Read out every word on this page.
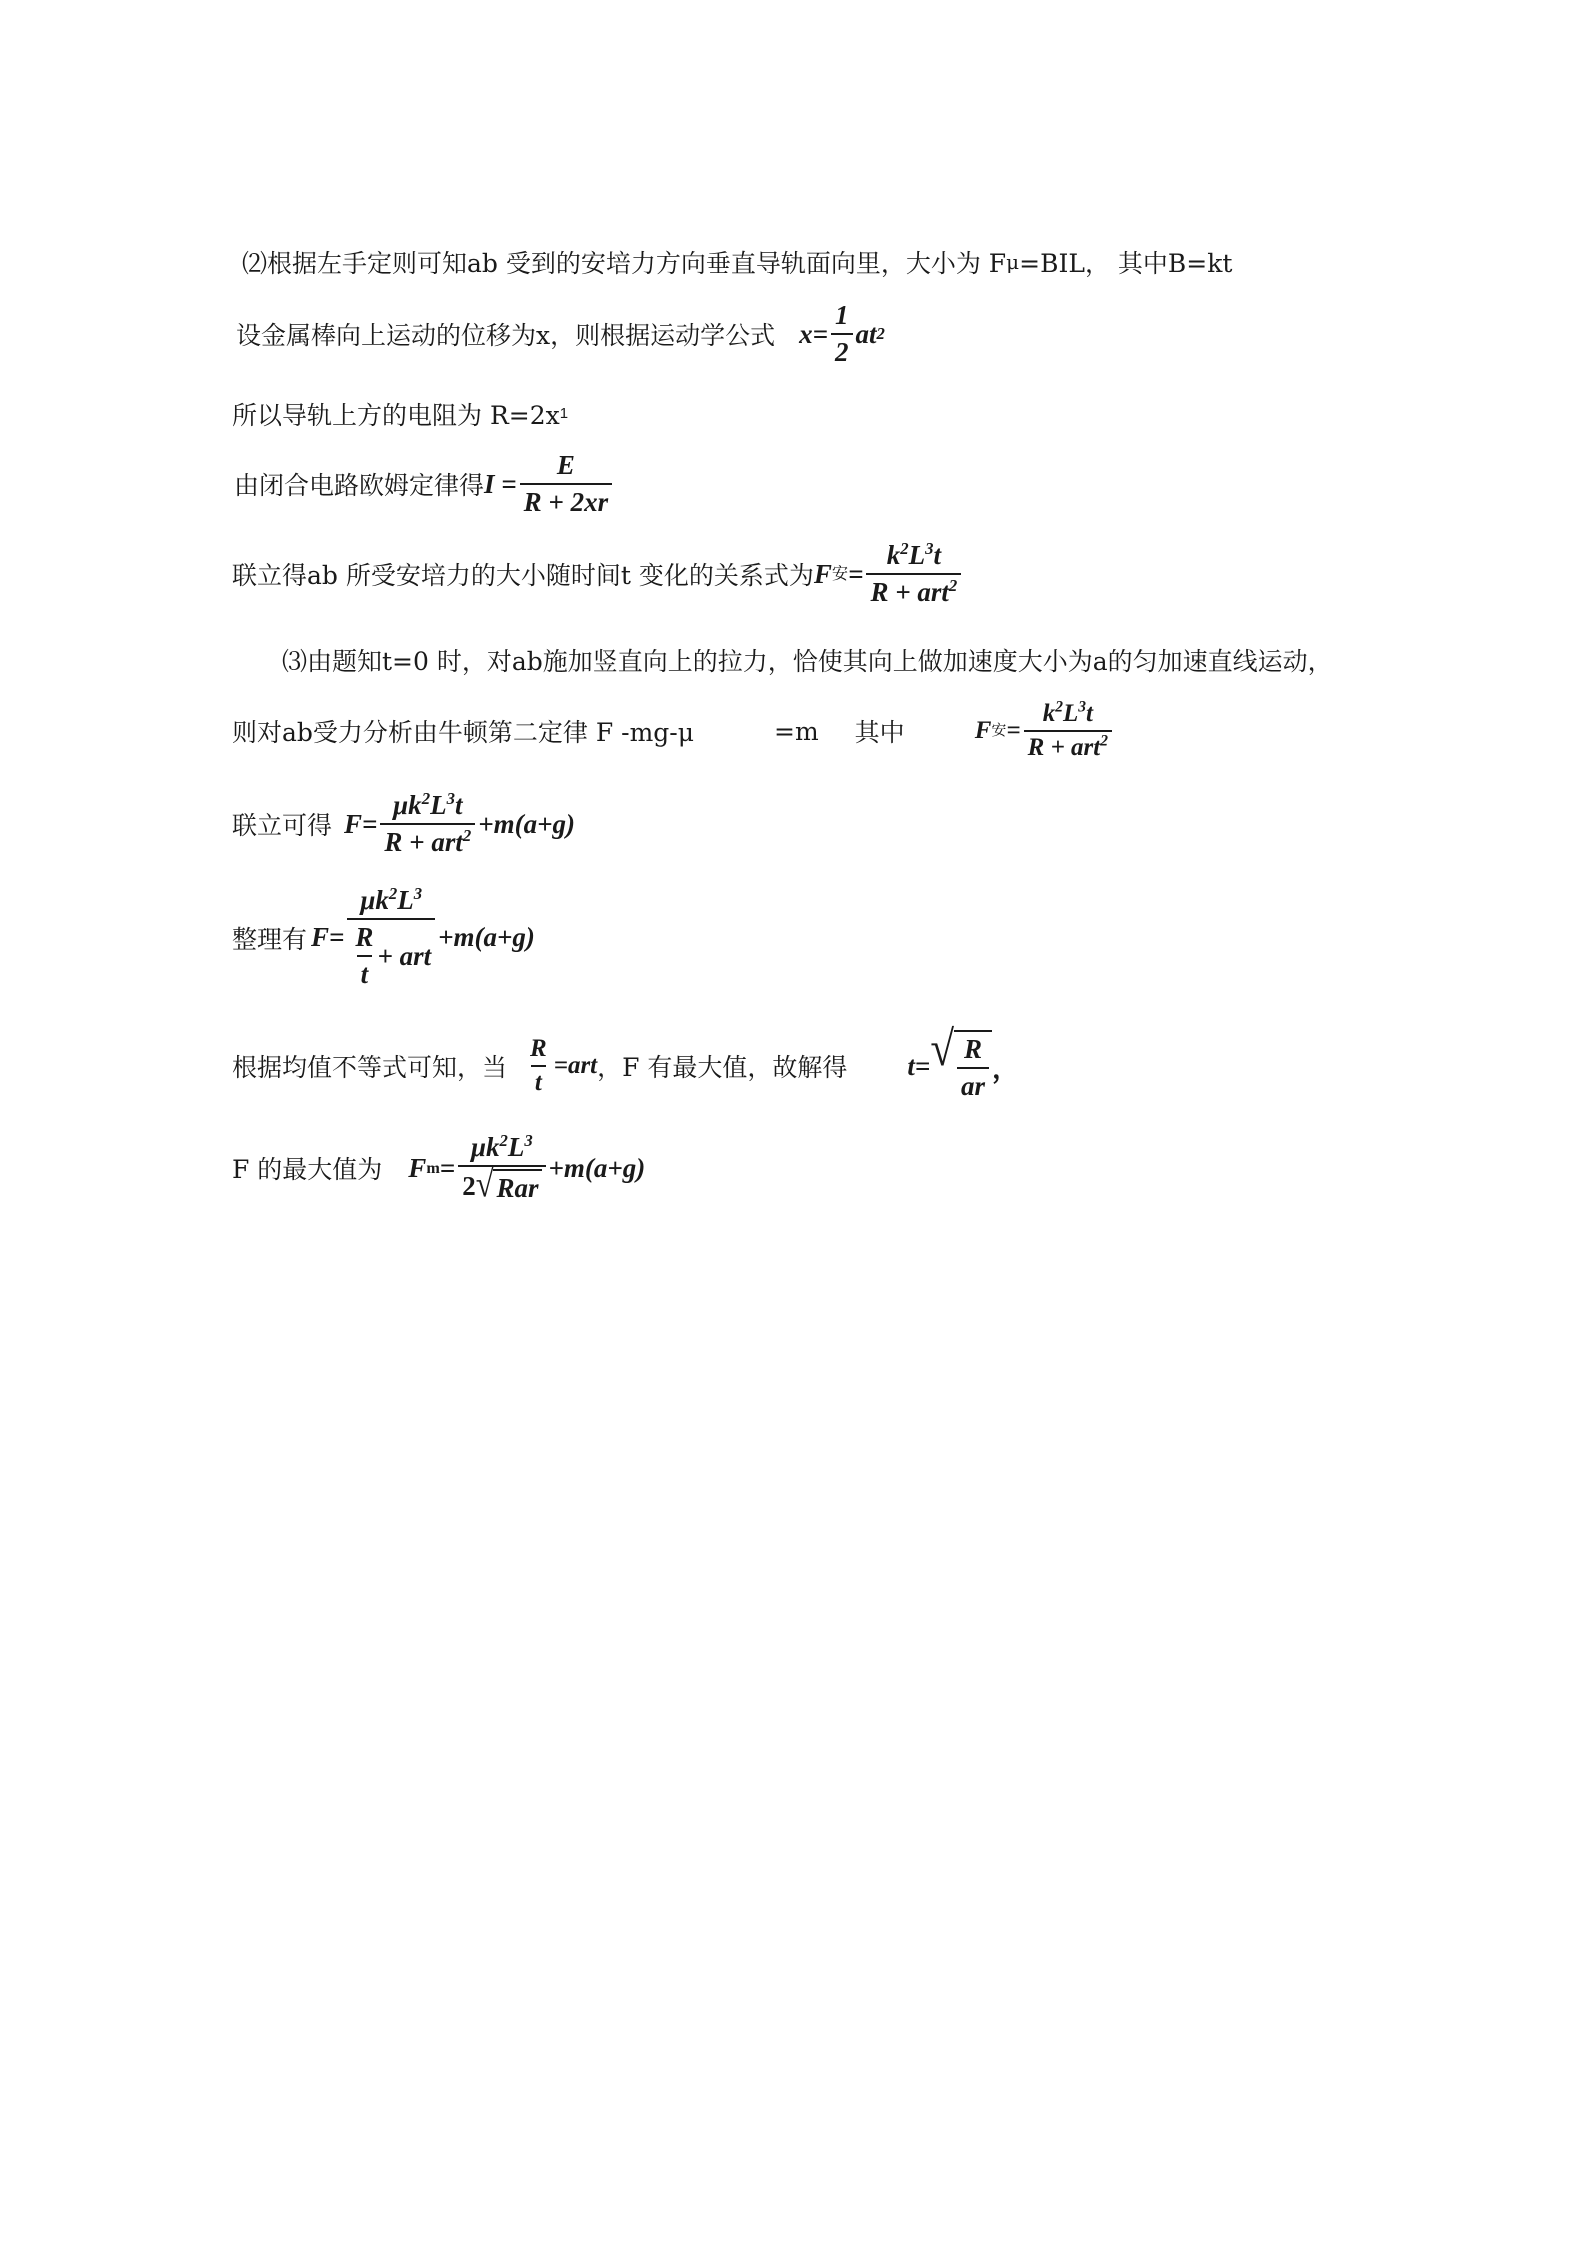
⑵根据左手定则可知ab 受到的安培力方向垂直导轨面向里，大小为 F μ =BIL， 其中B=kt
设金属棒向上运动的位移为x，则根据运动学公式 $x= \frac{1}{2}$ at 2
所以导轨上方的电阻为 R=2x 1
由闭合电路欧姆定律得 $I = \frac{E}{R + 2xr}$
联立得ab 所受安培力的大小随时间t 变化的关系式为 F 安 = $\frac{k^2L^3t}{R + art^2}$
⑶由题知t=0 时，对ab施加竖直向上的拉力，恰使其向上做加速度大小为a的匀加速直线运动，
则对ab受力分析由牛顿第二定律 F -mg-μ	=m 其中	F 安 = $\frac{k^2L^3t}{R + art^2}$
联立可得 $F= \frac{\mu k^2L^3t}{R + art^2} +m(a+g)$
整理有 $F= \frac{\mu k^2L^3}{\frac{R}{t} + art} +m(a+g)$
根据均值不等式可知，当 $\frac{R}{t} =art$ ，F 有最大值，故解得 t= √ $\frac{R}{ar}$ ，
F 的最大值为 F $m = \frac{\mu k^2L^3}{\text{2 √ Rar}} +m(a+g)$
